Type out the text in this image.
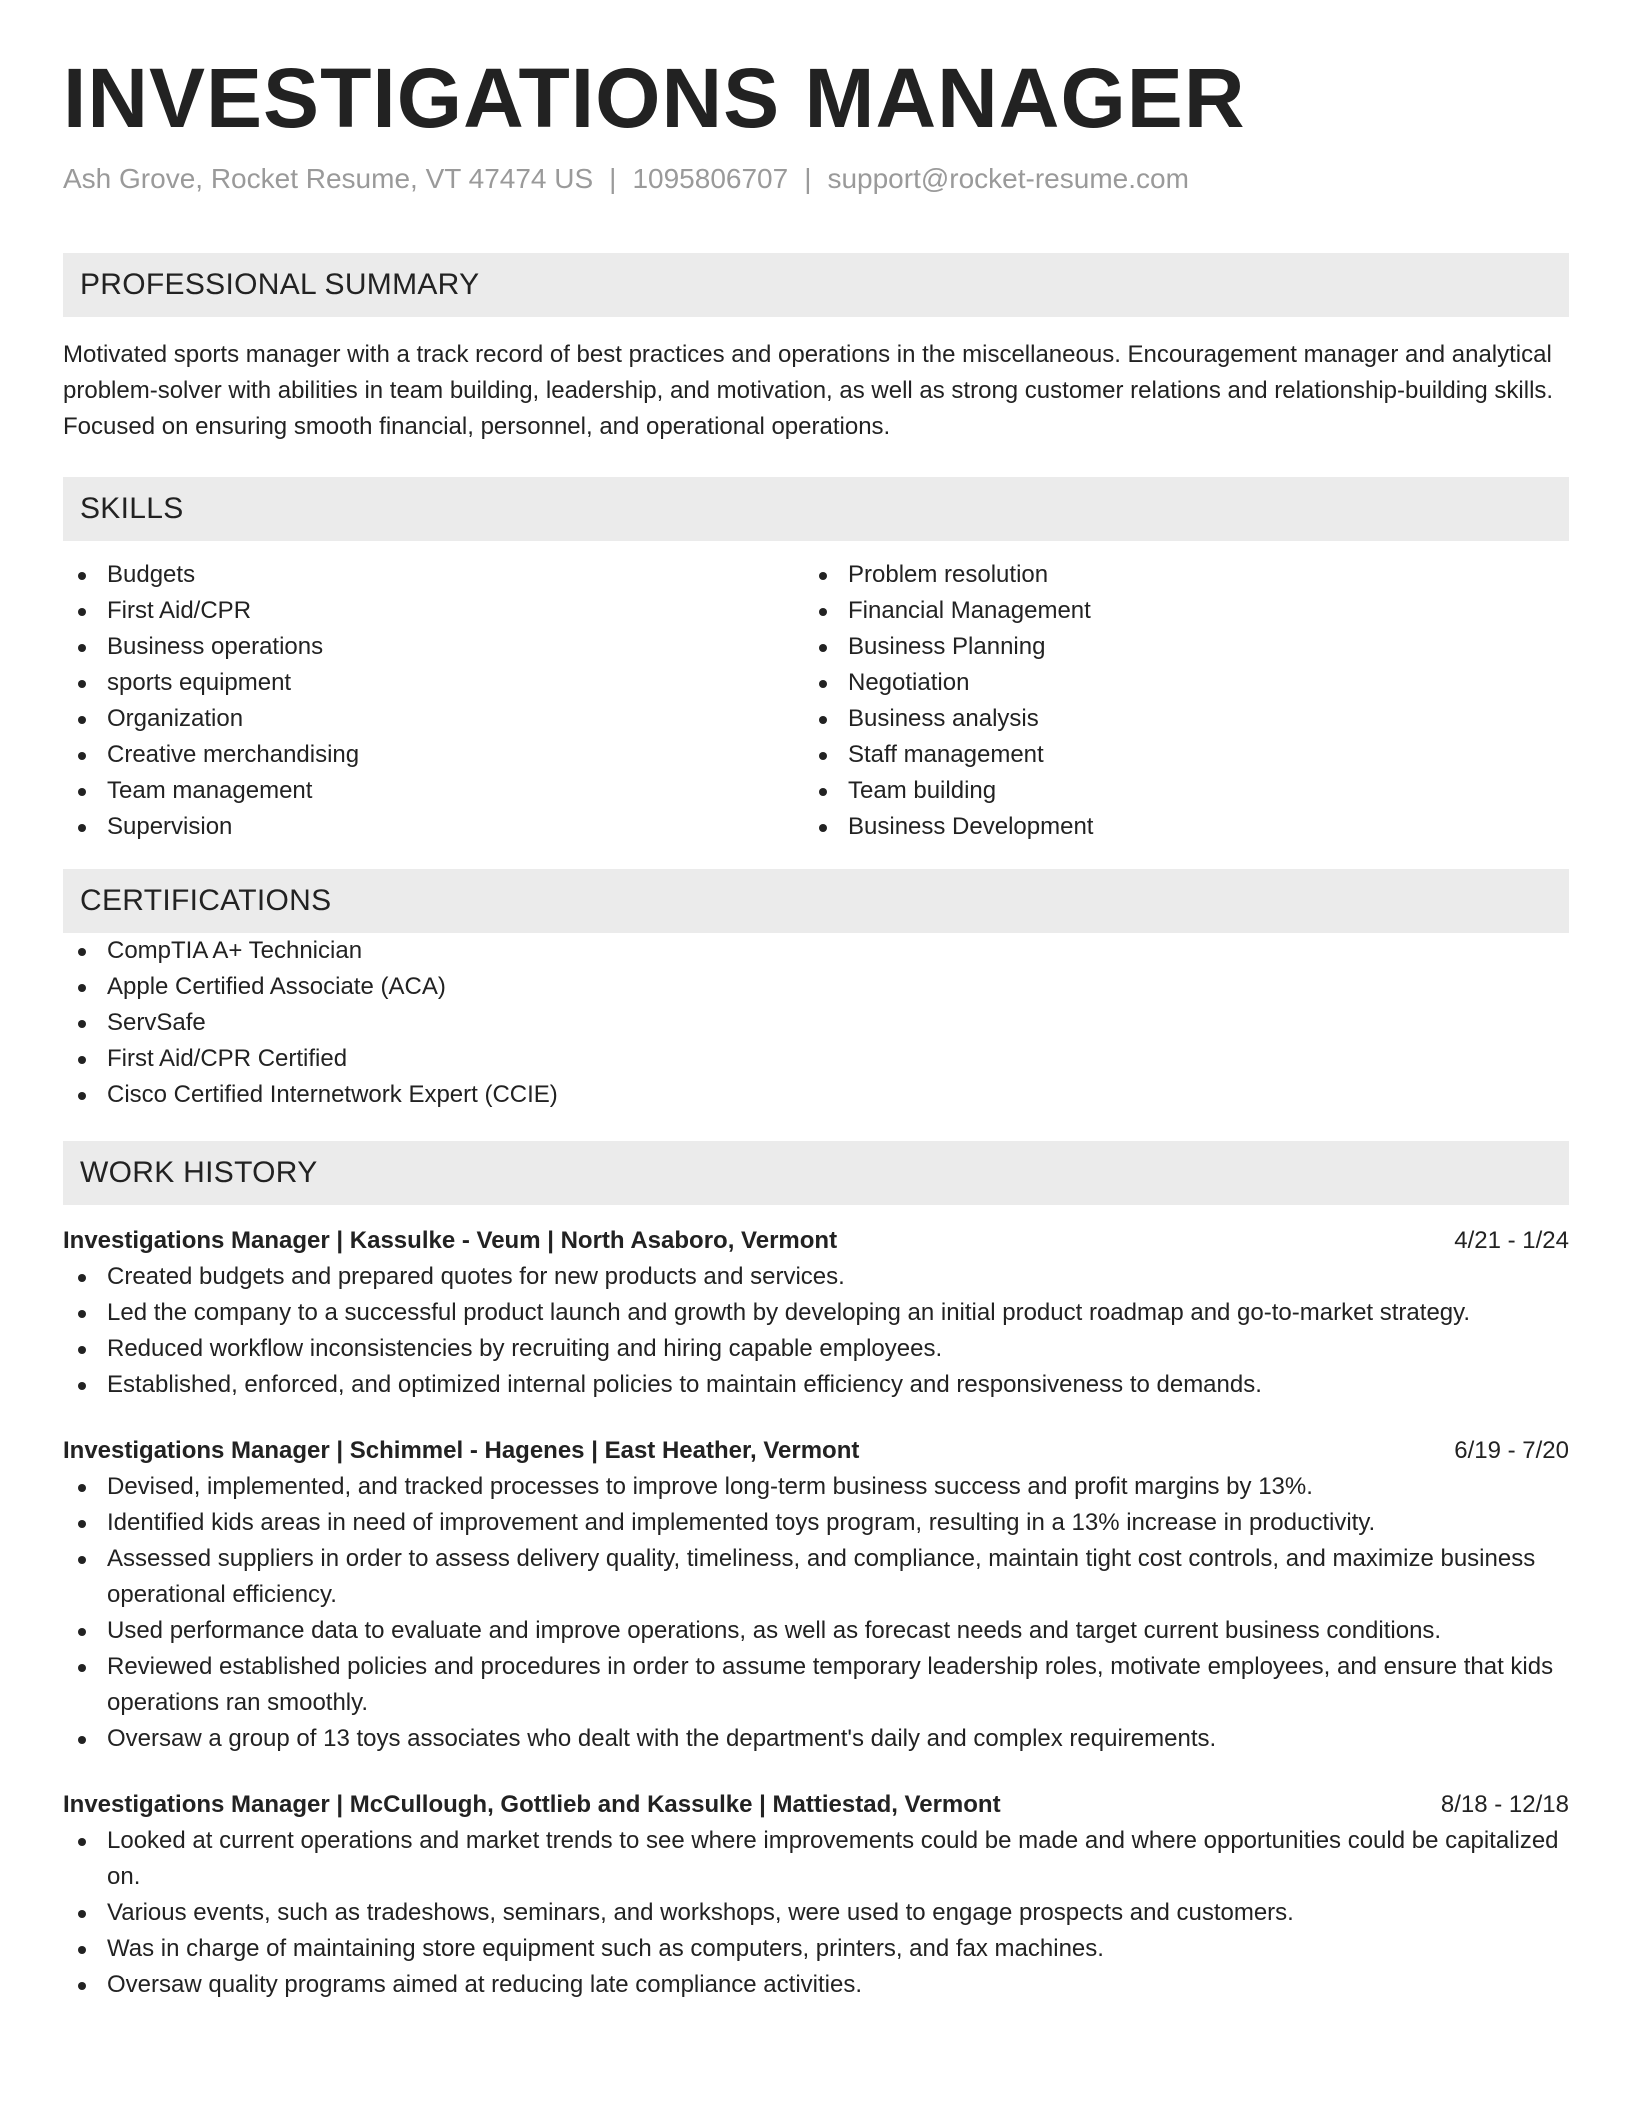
INVESTIGATIONS MANAGER
Ash Grove, Rocket Resume, VT 47474 US | 1095806707 | support@rocket-resume.com
PROFESSIONAL SUMMARY

Motivated sports manager with a track record of best practices and operations in the miscellaneous. Encouragement manager and analytical problem-solver with abilities in team building, leadership, and motivation, as well as strong customer relations and relationship-building skills. Focused on ensuring smooth financial, personnel, and operational operations.

SKILLS
Budgets
First Aid/CPR
Business operations
sports equipment
Organization
Creative merchandising
Team management
Supervision
Problem resolution
Financial Management
Business Planning
Negotiation
Business analysis
Staff management
Team building
Business Development
CERTIFICATIONS
CompTIA A+ Technician
Apple Certified Associate (ACA)
ServSafe
First Aid/CPR Certified
Cisco Certified Internetwork Expert (CCIE)
WORK HISTORY
Investigations Manager | Kassulke - Veum | North Asaboro, Vermont	4/21 - 1/24
Created budgets and prepared quotes for new products and services.
Led the company to a successful product launch and growth by developing an initial product roadmap and go-to-market strategy.
Reduced workflow inconsistencies by recruiting and hiring capable employees.
Established, enforced, and optimized internal policies to maintain efficiency and responsiveness to demands.
Investigations Manager | Schimmel - Hagenes | East Heather, Vermont	6/19 - 7/20
Devised, implemented, and tracked processes to improve long-term business success and profit margins by 13%.
Identified kids areas in need of improvement and implemented toys program, resulting in a 13% increase in productivity.
Assessed suppliers in order to assess delivery quality, timeliness, and compliance, maintain tight cost controls, and maximize business operational efficiency.
Used performance data to evaluate and improve operations, as well as forecast needs and target current business conditions.
Reviewed established policies and procedures in order to assume temporary leadership roles, motivate employees, and ensure that kids operations ran smoothly.
Oversaw a group of 13 toys associates who dealt with the department's daily and complex requirements.
Investigations Manager | McCullough, Gottlieb and Kassulke | Mattiestad, Vermont	8/18 - 12/18
Looked at current operations and market trends to see where improvements could be made and where opportunities could be capitalized on.
Various events, such as tradeshows, seminars, and workshops, were used to engage prospects and customers.
Was in charge of maintaining store equipment such as computers, printers, and fax machines.
Oversaw quality programs aimed at reducing late compliance activities.
